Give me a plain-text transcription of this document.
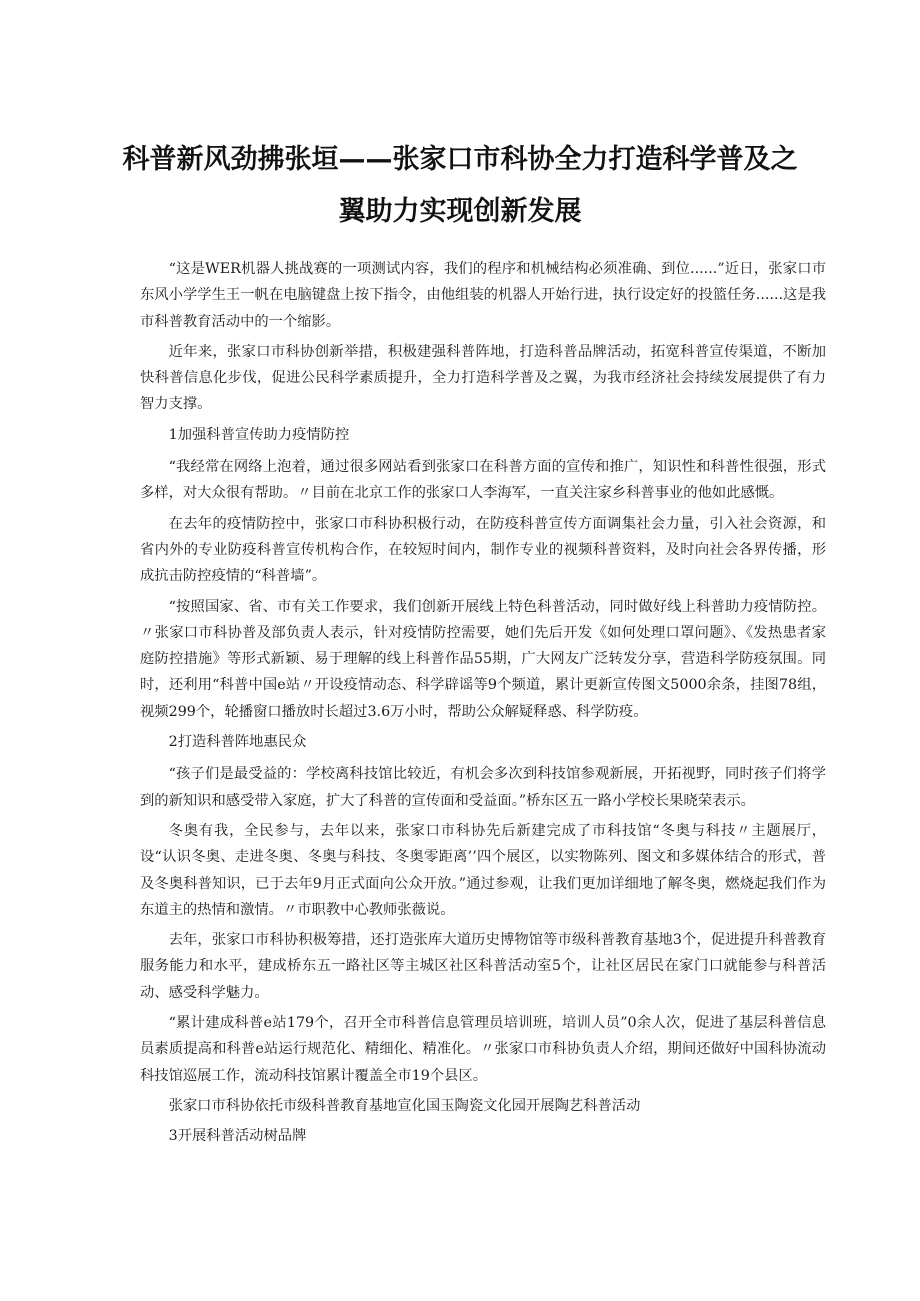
科普新风劲拂张垣——张家口市科协全力打造科学普及之
翼助力实现创新发展

“这是WER机器人挑战赛的一项测试内容，我们的程序和机械结构必须准确、到位......”近日，张家口市东风小学学生王一帆在电脑键盘上按下指令，由他组装的机器人开始行进，执行设定好的投篮任务......这是我市科普教育活动中的一个缩影。

近年来，张家口市科协创新举措，积极建强科普阵地，打造科普品牌活动，拓宽科普宣传渠道，不断加快科普信息化步伐，促进公民科学素质提升，全力打造科学普及之翼，为我市经济社会持续发展提供了有力智力支撑。

1加强科普宣传助力疫情防控

“我经常在网络上泡着，通过很多网站看到张家口在科普方面的宣传和推广，知识性和科普性很强，形式多样，对大众很有帮助。〃目前在北京工作的张家口人李海军，一直关注家乡科普事业的他如此感慨。

在去年的疫情防控中，张家口市科协积极行动，在防疫科普宣传方面调集社会力量，引入社会资源，和省内外的专业防疫科普宣传机构合作，在较短时间内，制作专业的视频科普资料，及时向社会各界传播，形成抗击防控疫情的“科普墙”。

“按照国家、省、市有关工作要求，我们创新开展线上特色科普活动，同时做好线上科普助力疫情防控。〃张家口市科协普及部负责人表示，针对疫情防控需要，她们先后开发《如何处理口罩问题》、《发热患者家庭防控措施》等形式新颖、易于理解的线上科普作品55期，广大网友广泛转发分享，营造科学防疫氛围。同时，还利用“科普中国e站〃开设疫情动态、科学辟谣等9个频道，累计更新宣传图文5000余条，挂图78组，视频299个，轮播窗口播放时长超过3.6万小时，帮助公众解疑释惑、科学防疫。

2打造科普阵地惠民众

“孩子们是最受益的：学校离科技馆比较近，有机会多次到科技馆参观新展，开拓视野，同时孩子们将学到的新知识和感受带入家庭，扩大了科普的宣传面和受益面。”桥东区五一路小学校长果晓荣表示。

冬奥有我，全民参与，去年以来，张家口市科协先后新建完成了市科技馆“冬奥与科技〃主题展厅，设“认识冬奥、走进冬奥、冬奥与科技、冬奥零距离’’四个展区，以实物陈列、图文和多媒体结合的形式，普及冬奥科普知识，已于去年9月正式面向公众开放。”通过参观，让我们更加详细地了解冬奥，燃烧起我们作为东道主的热情和激情。〃市职教中心教师张薇说。

去年，张家口市科协积极筹措，还打造张库大道历史博物馆等市级科普教育基地3个，促进提升科普教育服务能力和水平，建成桥东五一路社区等主城区社区科普活动室5个，让社区居民在家门口就能参与科普活动、感受科学魅力。

“累计建成科普e站179个，召开全市科普信息管理员培训班，培训人员”0余人次，促进了基层科普信息员素质提高和科普e站运行规范化、精细化、精准化。〃张家口市科协负责人介绍，期间还做好中国科协流动科技馆巡展工作，流动科技馆累计覆盖全市19个县区。

张家口市科协依托市级科普教育基地宣化国玉陶瓷文化园开展陶艺科普活动

3开展科普活动树品牌
